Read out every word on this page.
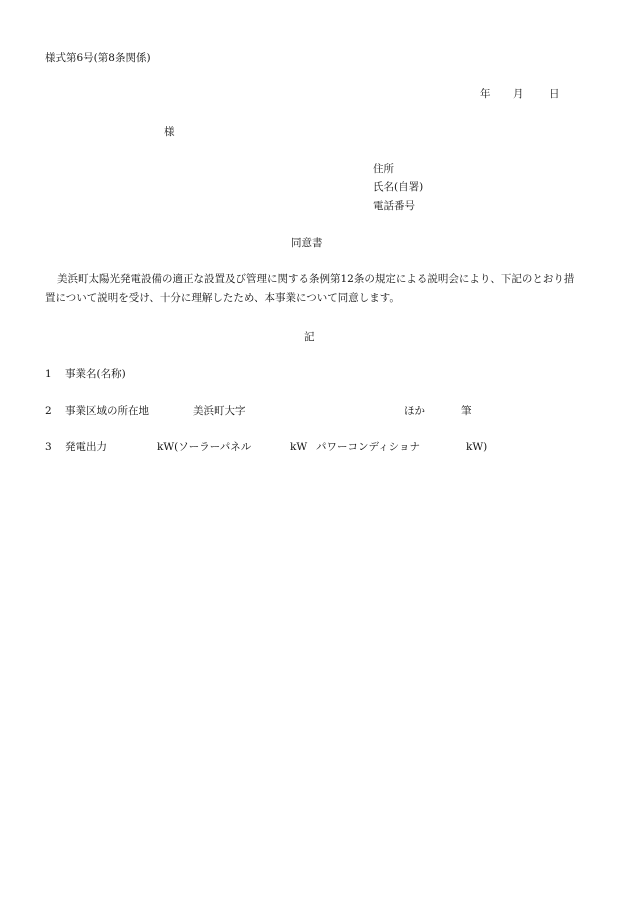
様式第6号(第8条関係)
年 月 日
様
住所
氏名(自署)
電話番号
同意書
美浜町太陽光発電設備の適正な設置及び管理に関する条例第12条の規定による説明会により、下記のとおり措置について説明を受け、十分に理解したため、本事業について同意します。
記
1 事業名(名称)
2 事業区域の所在地	美浜町大字	ほか	筆
3 発電出力	kW(ソーラーパネル	kW パワーコンディショナ	kW)
